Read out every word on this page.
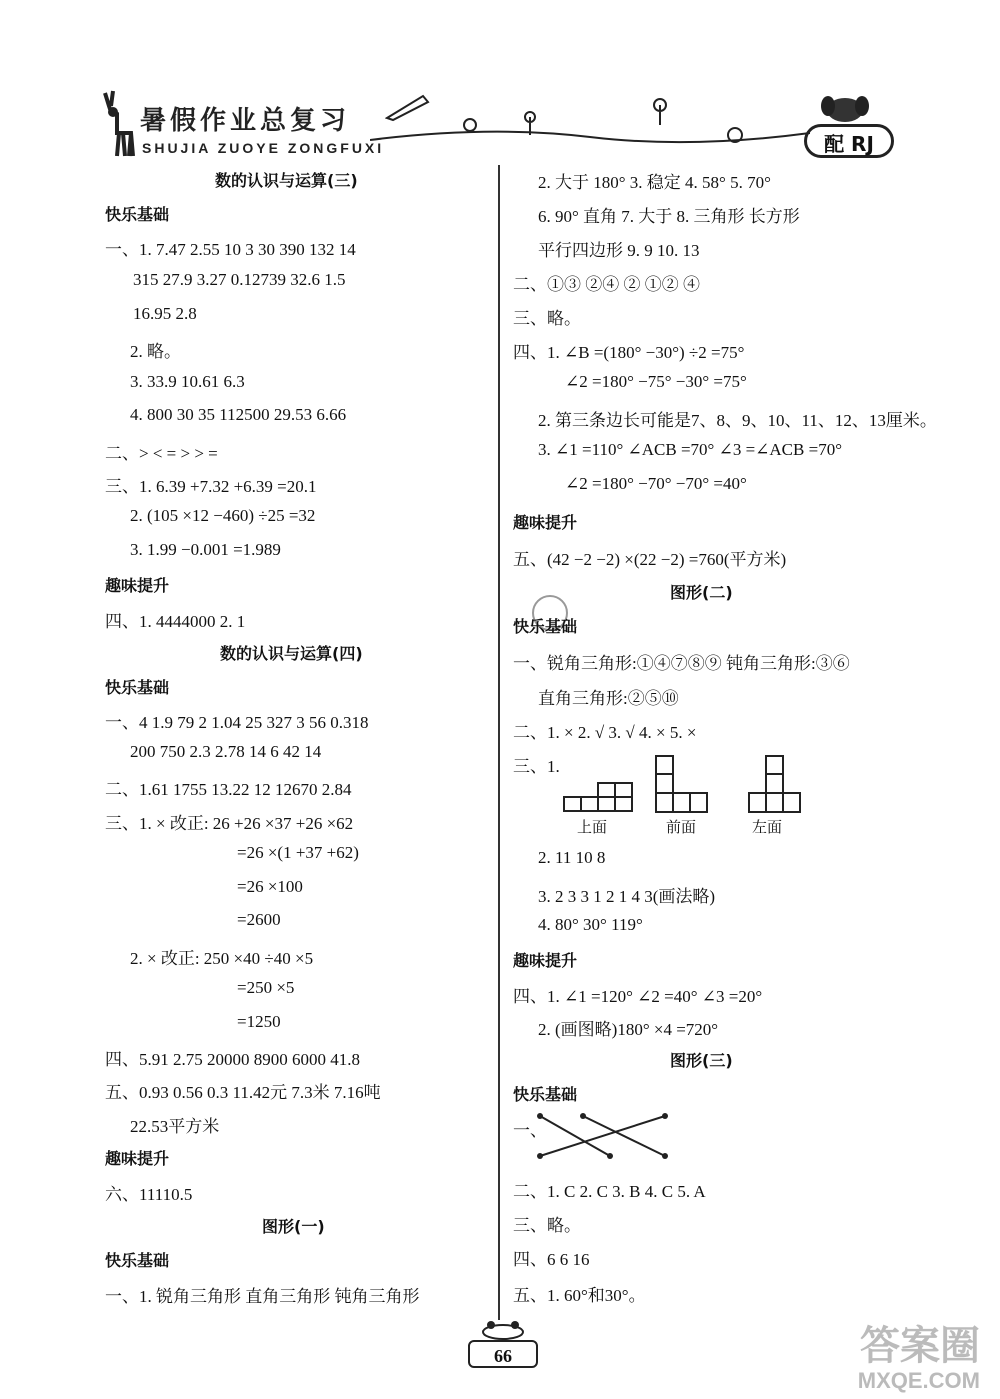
暑假作业总复习
SHUJIA ZUOYE ZONGFUXI	配 RJ
数的认识与运算(三)
快乐基础
一、1. 7.47 2.55 10 3 30 390 132 14
315 27.9 3.27 0.12739 32.6 1.5
16.95 2.8
2. 略。
3. 33.9 10.61 6.3
4. 800 30 35 112500 29.53 6.66
二、> < = > > =
三、1. 6.39 +7.32 +6.39 =20.1
2. (105 ×12 −460) ÷25 =32
3. 1.99 −0.001 =1.989
趣味提升
四、1. 4444000 2. 1
数的认识与运算(四)
快乐基础
一、4 1.9 79 2 1.04 25 327 3 56 0.318
200 750 2.3 2.78 14 6 42 14
二、1.61 1755 13.22 12 12670 2.84
三、1. × 改正: 26 +26 ×37 +26 ×62
=26 ×(1 +37 +62)
=26 ×100
=2600
2. × 改正: 250 ×40 ÷40 ×5
=250 ×5
=1250
四、5.91 2.75 20000 8900 6000 41.8
五、0.93 0.56 0.3 11.42元 7.3米 7.16吨
22.53平方米
趣味提升
六、11110.5
图形(一)
快乐基础
一、1. 锐角三角形 直角三角形 钝角三角形
2. 大于 180° 3. 稳定 4. 58° 5. 70°
6. 90° 直角 7. 大于 8. 三角形 长方形
平行四边形 9. 9 10. 13
二、①③ ②④ ② ①② ④
三、略。
四、1. ∠B =(180° −30°) ÷2 =75°
∠2 =180° −75° −30° =75°
2. 第三条边长可能是7、8、9、10、11、12、13厘米。
3. ∠1 =110° ∠ACB =70° ∠3 =∠ACB =70°
∠2 =180° −70° −70° =40°
趣味提升
五、(42 −2 −2) ×(22 −2) =760(平方米)
图形(二)
快乐基础
一、锐角三角形:①④⑦⑧⑨ 钝角三角形:③⑥
直角三角形:②⑤⑩
二、1. × 2. √ 3. √ 4. × 5. ×
三、1.
上面	前面	左面
2. 11 10 8
3. 2 3 3 1 2 1 4 3(画法略)
4. 80° 30° 119°
趣味提升
四、1. ∠1 =120° ∠2 =40° ∠3 =20°
2. (画图略)180° ×4 =720°
图形(三)
快乐基础
一、
二、1. C 2. C 3. B 4. C 5. A
三、略。
四、6 6 16
五、1. 60°和30°。
66	答案圈
MXQE.COM
